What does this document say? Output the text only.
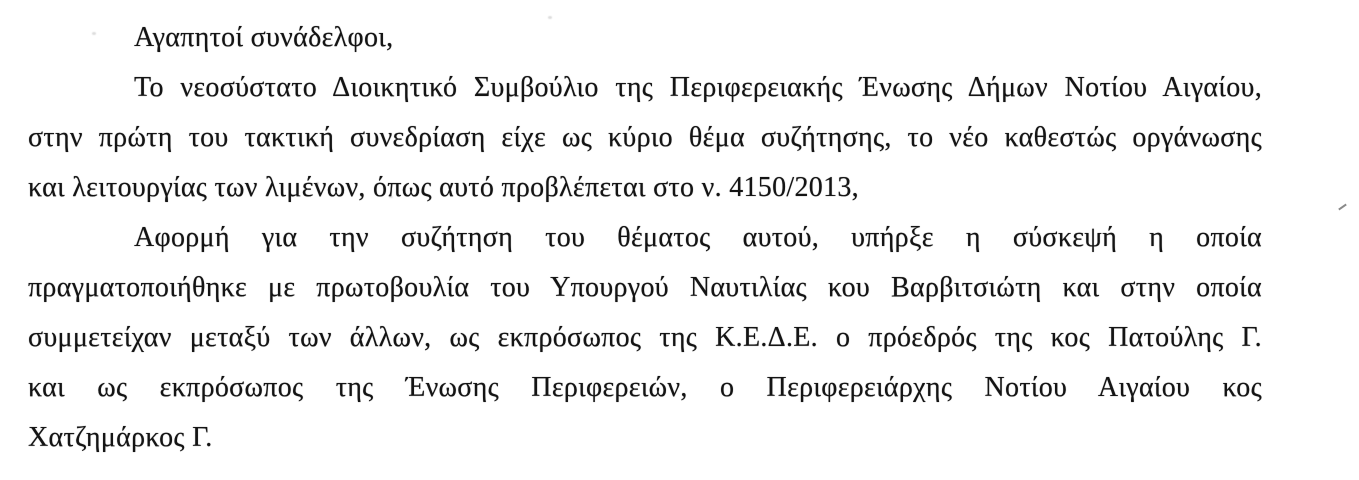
Αγαπητοί συνάδελφοι,
Το νεοσύστατο Διοικητικό Συμβούλιο της Περιφερειακής Ένωσης Δήμων Νοτίου Αιγαίου,
στην πρώτη του τακτική συνεδρίαση είχε ως κύριο θέμα συζήτησης, το νέο καθεστώς οργάνωσης
και λειτουργίας των λιμένων, όπως αυτό προβλέπεται στο ν. 4150/2013,
Αφορμή για την συζήτηση του θέματος αυτού, υπήρξε η σύσκεψή η οποία
πραγματοποιήθηκε με πρωτοβουλία του Υπουργού Ναυτιλίας κου Βαρβιτσιώτη και στην οποία
συμμετείχαν μεταξύ των άλλων, ως εκπρόσωπος της Κ.Ε.Δ.Ε. ο πρόεδρός της κος Πατούλης Γ.
και ως εκπρόσωπος της Ένωσης Περιφερειών, ο Περιφερειάρχης Νοτίου Αιγαίου κος
Χατζημάρκος Γ.
